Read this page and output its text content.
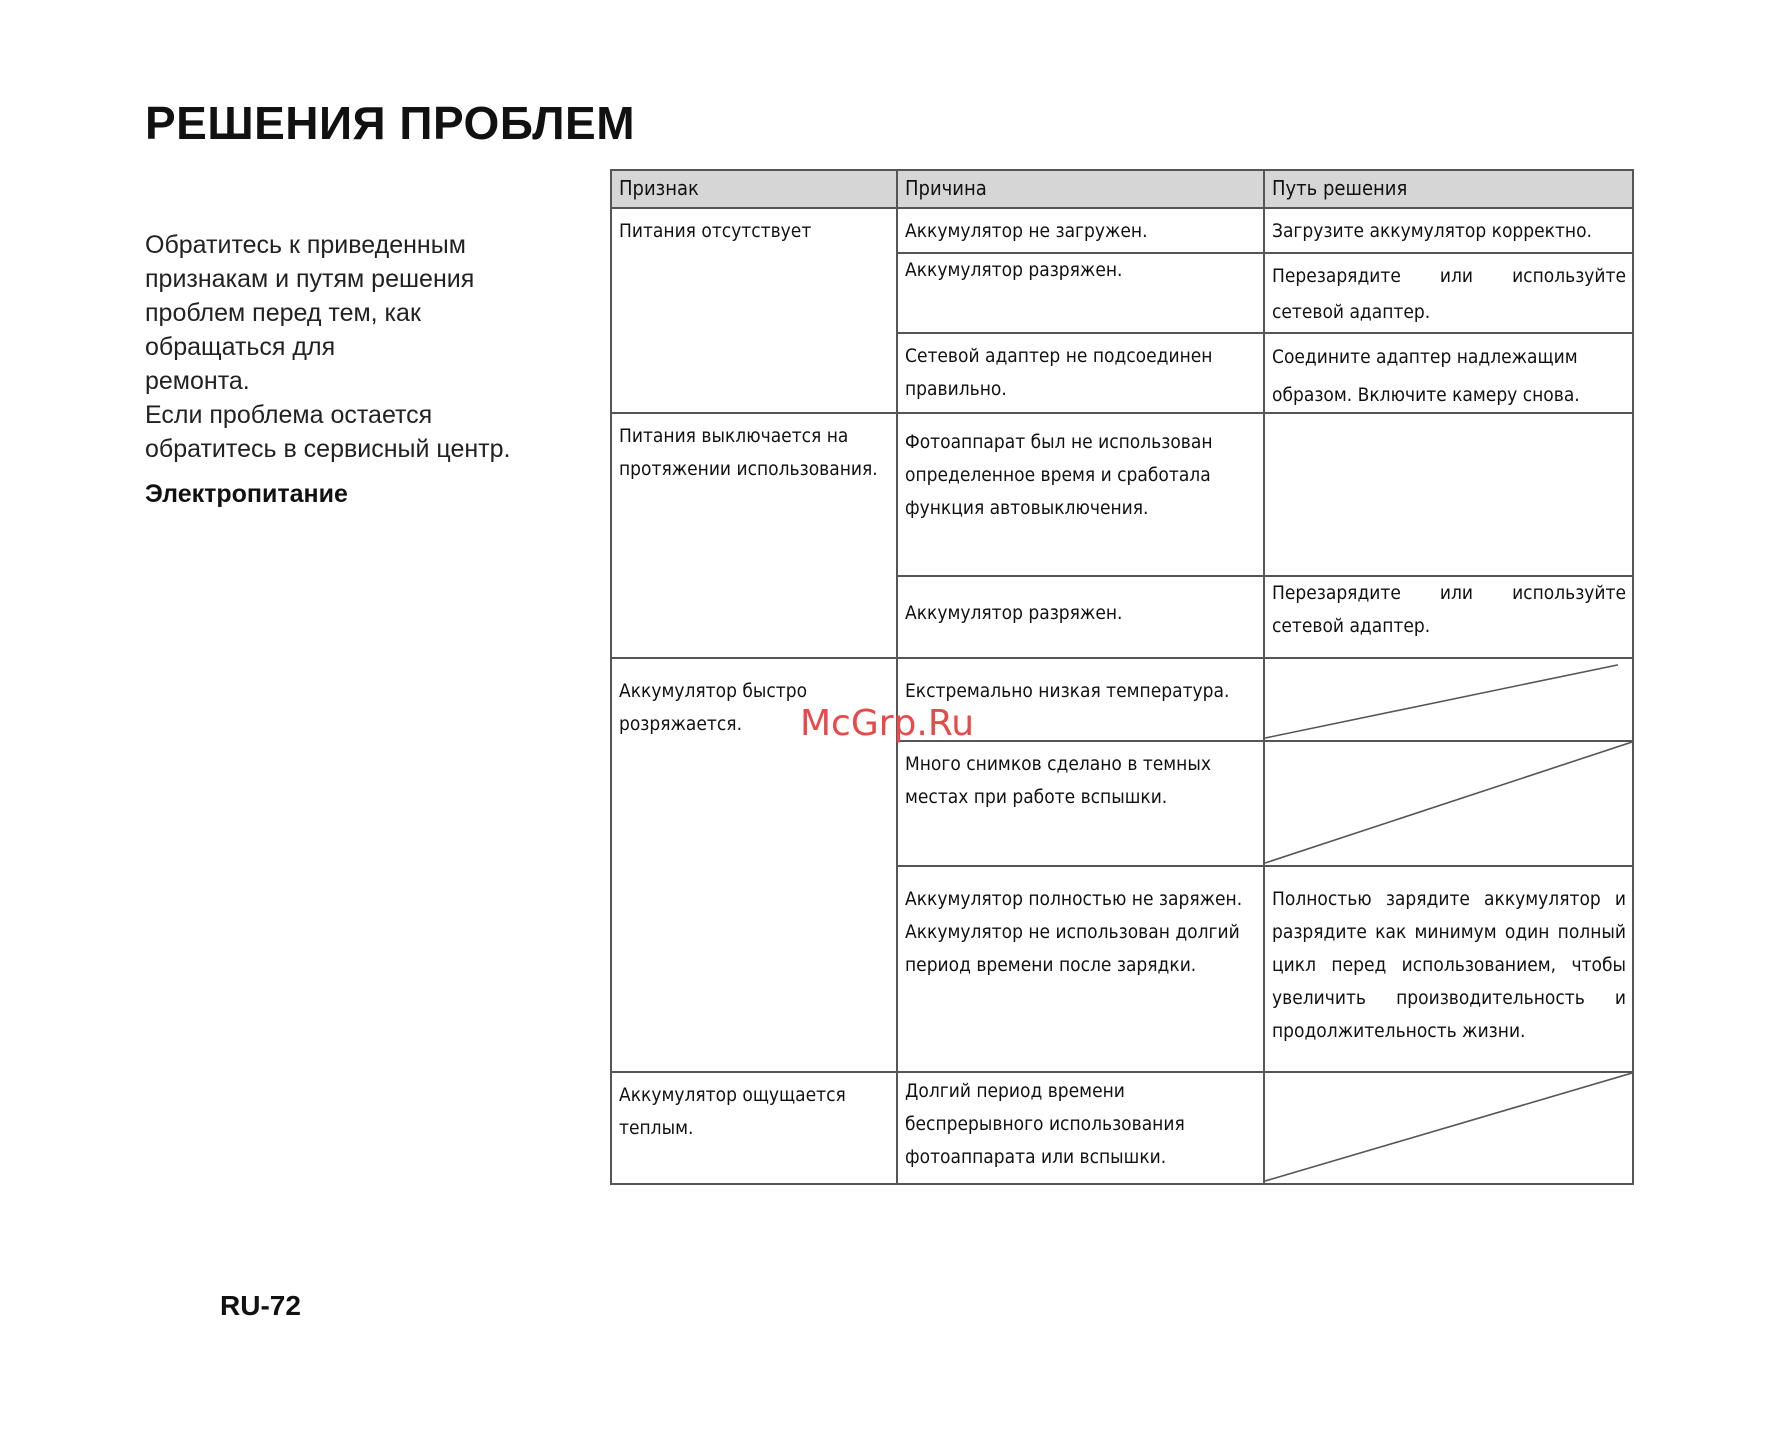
РЕШЕНИЯ ПРОБЛЕМ

Обратитесь к приведенным

признакам и путям решения

проблем перед тем, как

обращаться для

ремонта.

Если проблема остается

обратитесь в сервисный центр.

Электропитание
Признак	Причина	Путь решения
Питания отсутствует
Питания выключается на протяжении использования.
Аккумулятор быстро розряжается.
Аккумулятор ощущается теплым.
Аккумулятор не загружен.
Аккумулятор разряжен.
Сетевой адаптер не подсоединен правильно.
Фотоаппарат был не использован определенное время и сработала функция автовыключения.
Аккумулятор разряжен.
Екстремально низкая температура.
Много снимков сделано в темных местах при работе вспышки.
Аккумулятор полностью не заряжен. Аккумулятор не использован долгий период времени после зарядки.
Долгий период времени беспрерывного использования фотоаппарата или вспышки.
Загрузите аккумулятор корректно.
Перезарядите или используйте сетевой адаптер.
Соедините адаптер надлежащим образом. Включите камеру снова.
Перезарядите или используйте сетевой адаптер.
Полностью зарядите аккумулятор и разрядите как минимум один полный цикл перед использованием, чтобы увеличить производительность и продолжительность жизни.
McGrp.Ru
RU-72
